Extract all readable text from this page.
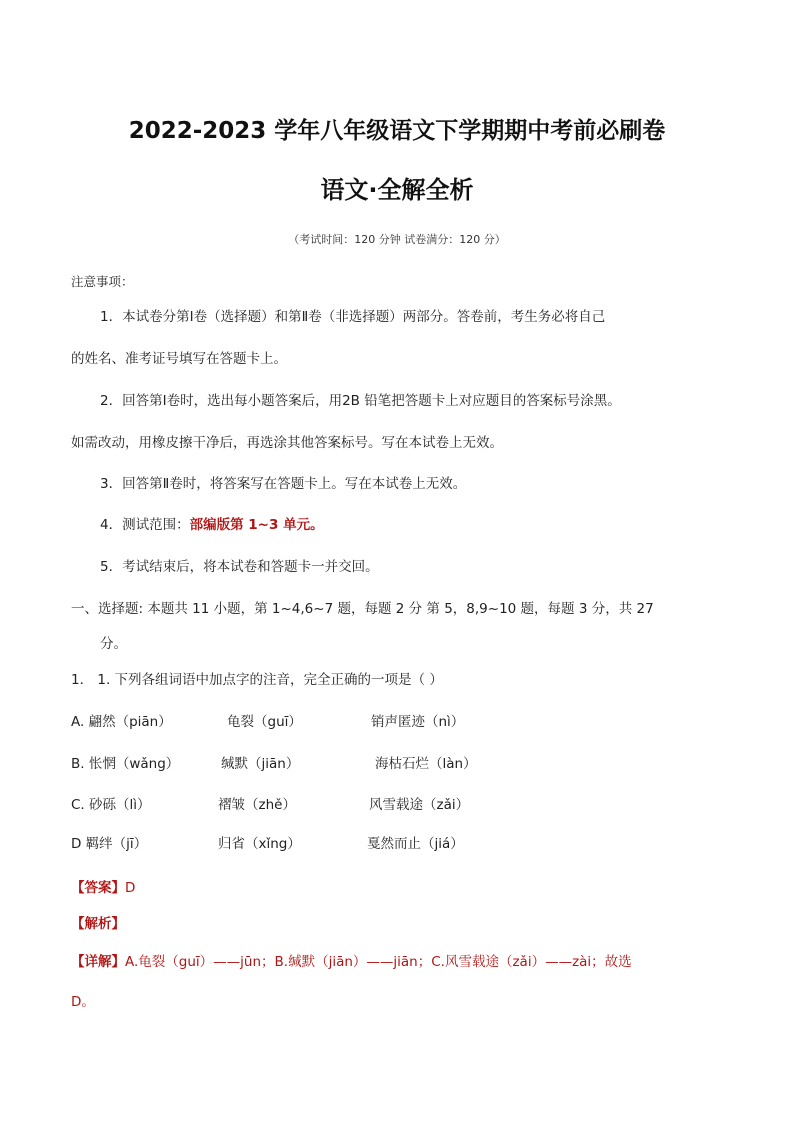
2022-2023 学年八年级语文下学期期中考前必刷卷
语文·全解全析
（考试时间：120 分钟 试卷满分：120 分）
注意事项：
1．本试卷分第Ⅰ卷（选择题）和第Ⅱ卷（非选择题）两部分。答卷前，考生务必将自己
的姓名、准考证号填写在答题卡上。
2．回答第Ⅰ卷时，选出每小题答案后，用2B 铅笔把答题卡上对应题目的答案标号涂黑。
如需改动，用橡皮擦干净后，再选涂其他答案标号。写在本试卷上无效。
3．回答第Ⅱ卷时，将答案写在答题卡上。写在本试卷上无效。
4．测试范围：部编版第 1~3 单元。
5．考试结束后，将本试卷和答题卡一并交回。
一、选择题: 本题共 11 小题，第 1~4,6~7 题，每题 2 分 第 5，8,9~10 题，每题 3 分，共 27
分。
1． 1. 下列各组词语中加点字的注音，完全正确的一项是（ ）
A. 翩然（piān）	龟裂（guī）	销声匿迹（nì）
B. 怅惘（wǎng）	缄默（jiān）	海枯石烂（làn）
C. 砂砾（lì）	褶皱（zhě）	风雪载途（zǎi）
D 羁绊（jī）	归省（xǐng）	戛然而止（jiá）
【答案】D
【解析】
【详解】A.龟裂（guī）——jūn；B.缄默（jiān）——jiān；C.风雪载途（zǎi）——zài；故选
D。
